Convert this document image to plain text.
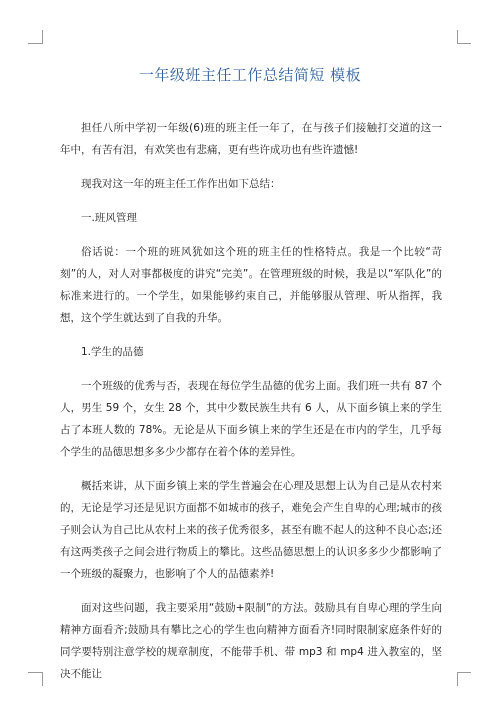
一年级班主任工作总结简短 模板

担任八所中学初一年级(6)班的班主任一年了，在与孩子们接触打交道的这一年中，有苦有泪，有欢笑也有悲痛，更有些许成功也有些许遗憾!

现我对这一年的班主任工作作出如下总结：

一.班风管理

俗话说：一个班的班风犹如这个班的班主任的性格特点。我是一个比较“苛刻”的人，对人对事都极度的讲究“完美”。在管理班级的时候，我是以“军队化”的标准来进行的。一个学生，如果能够约束自己，并能够服从管理、听从指挥，我想，这个学生就达到了自我的升华。

1.学生的品德

一个班级的优秀与否，表现在每位学生品德的优劣上面。我们班一共有 87 个人，男生 59 个，女生 28 个，其中少数民族生共有 6 人，从下面乡镇上来的学生占了本班人数的 78%。无论是从下面乡镇上来的学生还是在市内的学生，几乎每个学生的品德思想多多少少都存在着个体的差异性。

概括来讲，从下面乡镇上来的学生普遍会在心理及思想上认为自己是从农村来的，无论是学习还是见识方面都不如城市的孩子，难免会产生自卑的心理;城市的孩子则会认为自己比从农村上来的孩子优秀很多，甚至有瞧不起人的这种不良心态;还有这两类孩子之间会进行物质上的攀比。这些品德思想上的认识多多少少都影响了一个班级的凝聚力，也影响了个人的品德素养!

面对这些问题，我主要采用“鼓励+限制”的方法。鼓励具有自卑心理的学生向精神方面看齐;鼓励具有攀比之心的学生也向精神方面看齐!同时限制家庭条件好的同学要特别注意学校的规章制度，不能带手机、带 mp3 和 mp4 进入教室的，坚决不能让
